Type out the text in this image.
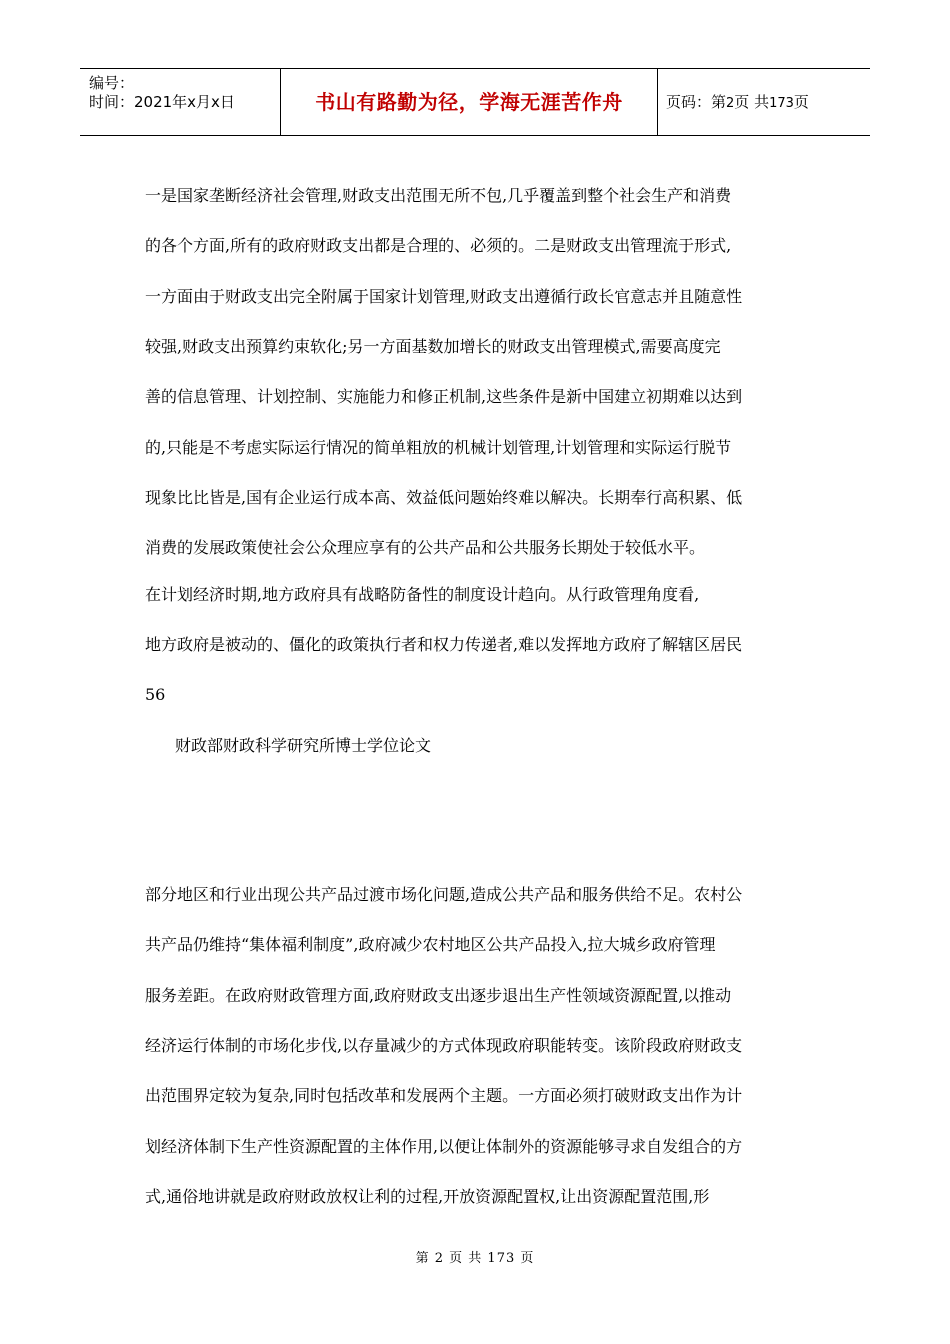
编号：
时间：2021年x月x日	书山有路勤为径，学海无涯苦作舟	页码：第2页 共173页
一是国家垄断经济社会管理,财政支出范围无所不包,几乎覆盖到整个社会生产和消费
的各个方面,所有的政府财政支出都是合理的、必须的。二是财政支出管理流于形式,
一方面由于财政支出完全附属于国家计划管理,财政支出遵循行政长官意志并且随意性
较强,财政支出预算约束软化;另一方面基数加增长的财政支出管理模式,需要高度完
善的信息管理、计划控制、实施能力和修正机制,这些条件是新中国建立初期难以达到
的,只能是不考虑实际运行情况的简单粗放的机械计划管理,计划管理和实际运行脱节
现象比比皆是,国有企业运行成本高、效益低问题始终难以解决。长期奉行高积累、低
消费的发展政策使社会公众理应享有的公共产品和公共服务长期处于较低水平。
在计划经济时期,地方政府具有战略防备性的制度设计趋向。从行政管理角度看,
地方政府是被动的、僵化的政策执行者和权力传递者,难以发挥地方政府了解辖区居民
56
财政部财政科学研究所博士学位论文
部分地区和行业出现公共产品过渡市场化问题,造成公共产品和服务供给不足。农村公
共产品仍维持“集体福利制度”,政府减少农村地区公共产品投入,拉大城乡政府管理
服务差距。在政府财政管理方面,政府财政支出逐步退出生产性领域资源配置,以推动
经济运行体制的市场化步伐,以存量减少的方式体现政府职能转变。该阶段政府财政支
出范围界定较为复杂,同时包括改革和发展两个主题。一方面必须打破财政支出作为计
划经济体制下生产性资源配置的主体作用,以便让体制外的资源能够寻求自发组合的方
式,通俗地讲就是政府财政放权让利的过程,开放资源配置权,让出资源配置范围,形
第 2 页 共 173 页
